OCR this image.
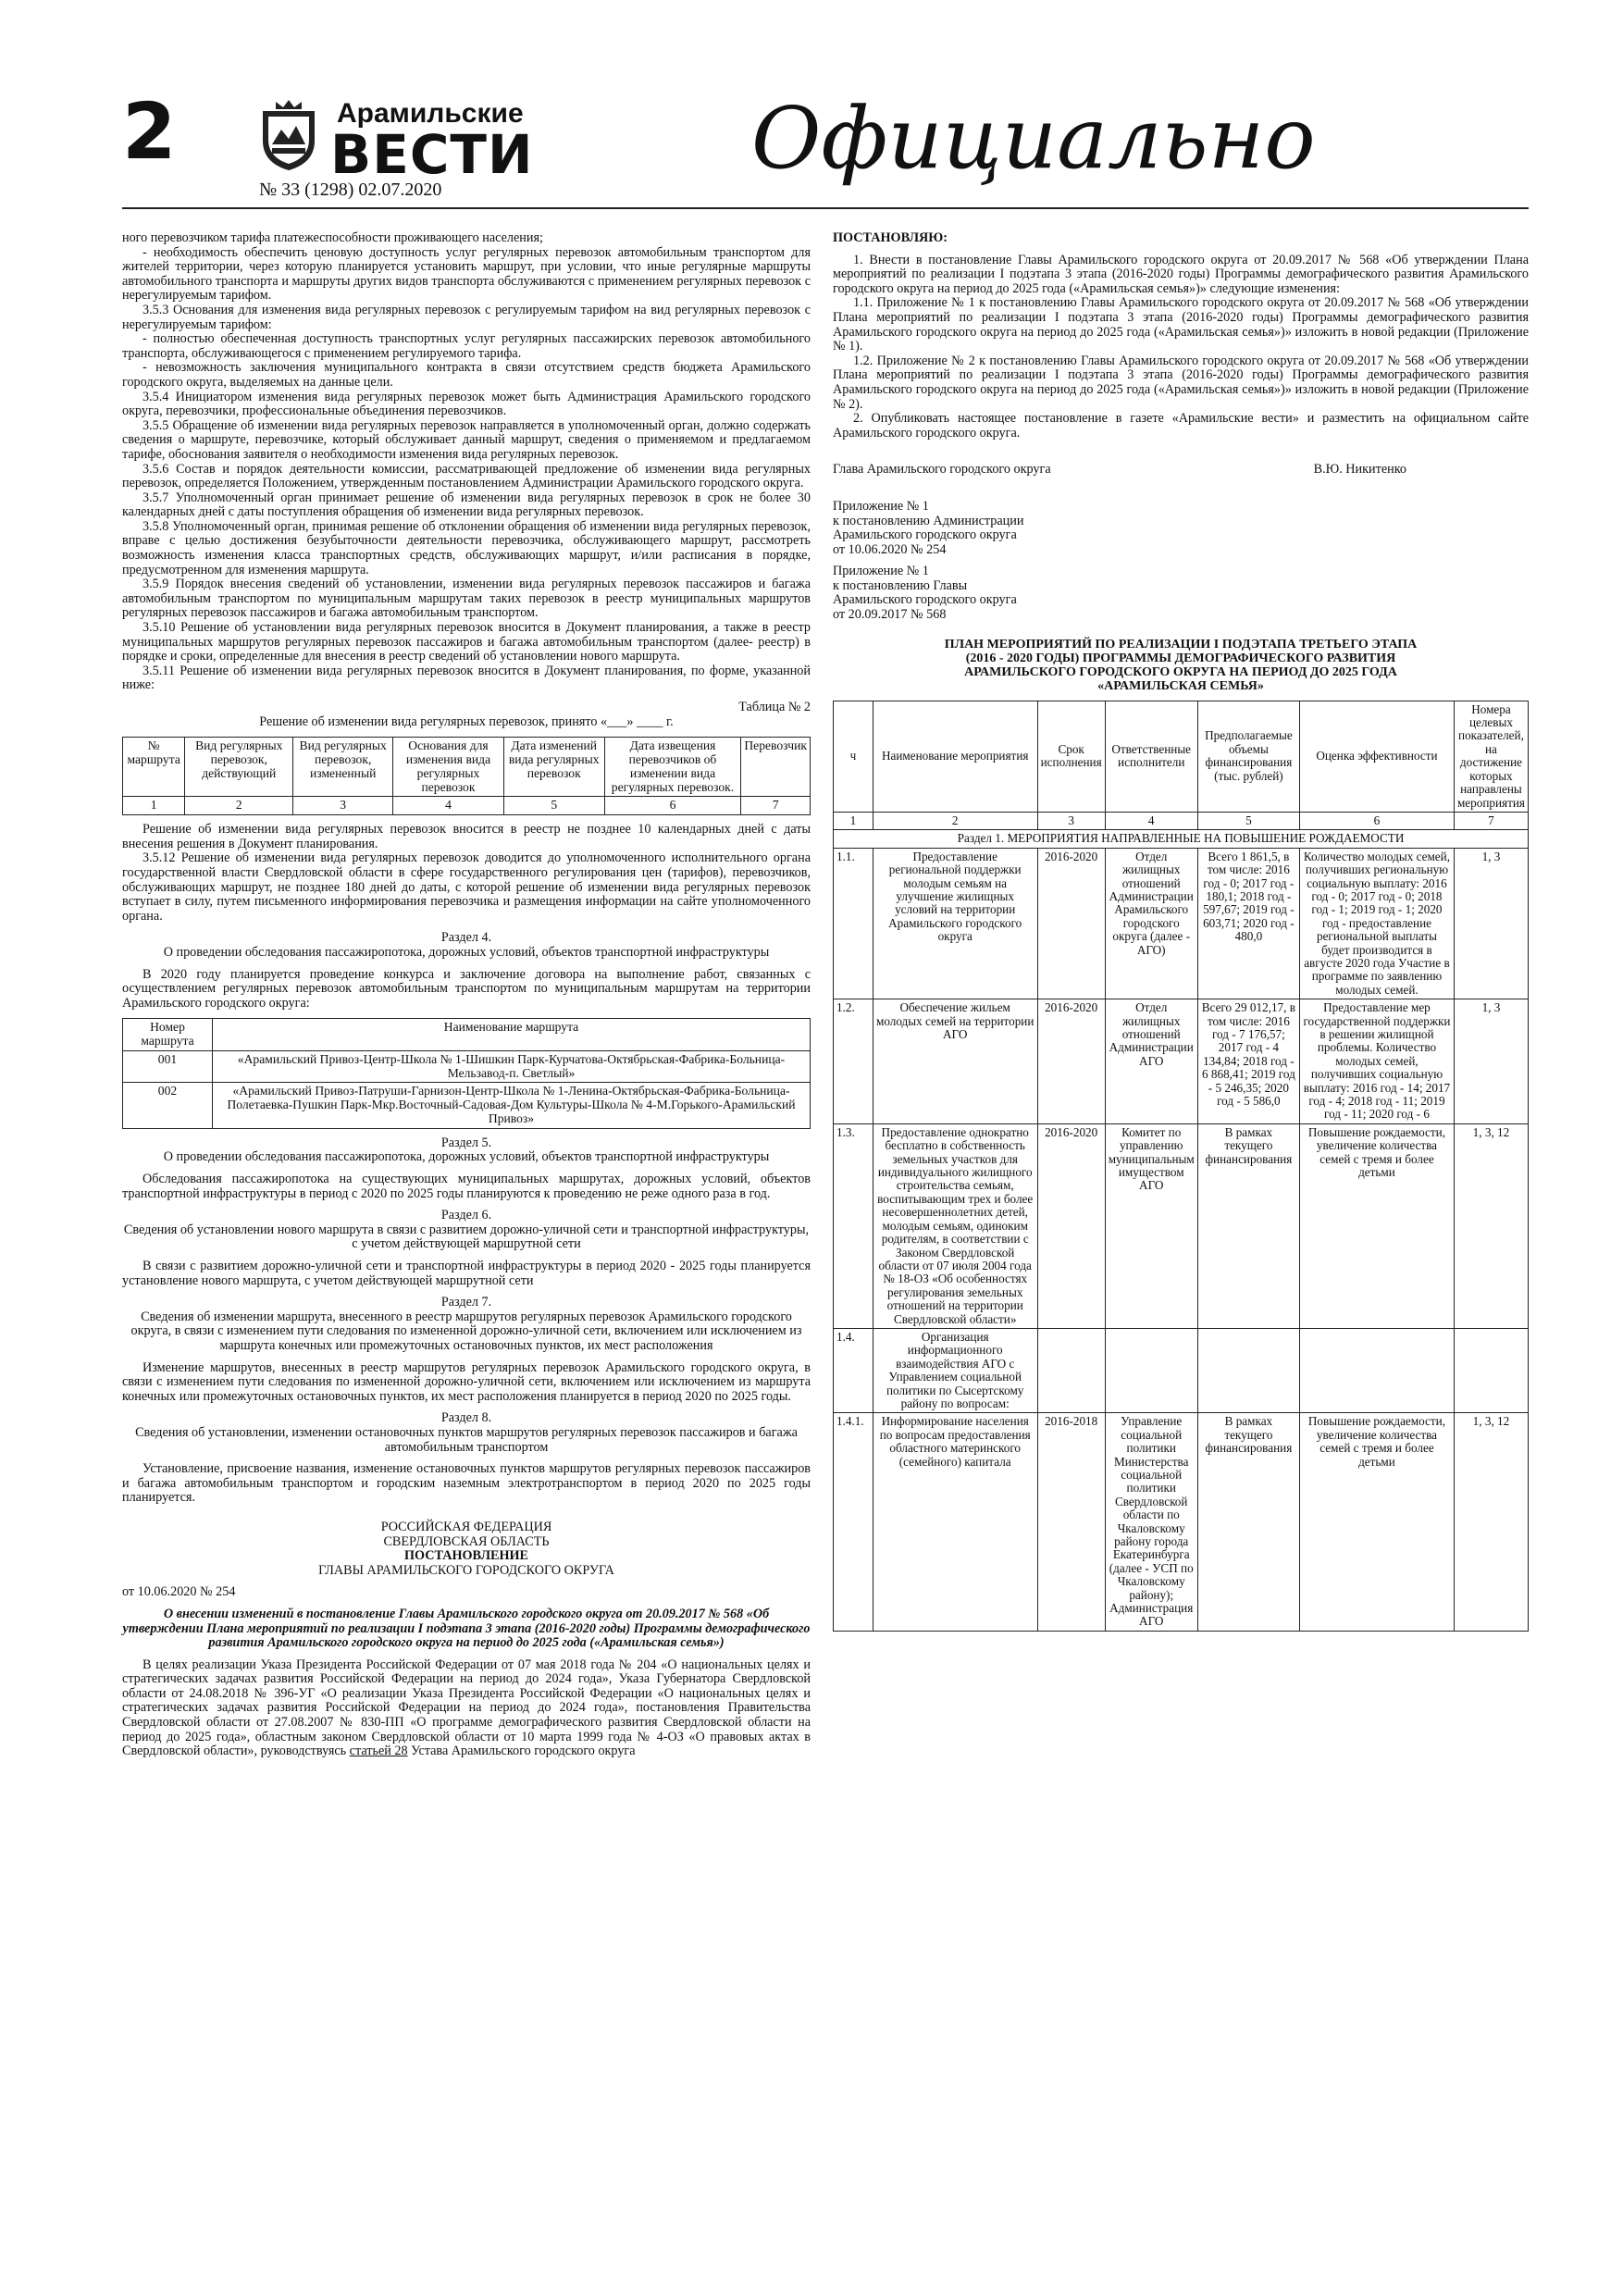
2	Арамильские
ВЕСТИ
№ 33 (1298) 02.07.2020
Официально

ного перевозчиком тарифа платежеспособности проживающего населения;

- необходимость обеспечить ценовую доступность услуг регулярных перевозок автомобильным транспортом для жителей территории, через которую планируется установить маршрут, при условии, что иные регулярные маршруты автомобильного транспорта и маршруты других видов транспорта обслуживаются с применением регулярных перевозок с нерегулируемым тарифом.

3.5.3 Основания для изменения вида регулярных перевозок с регулируемым тарифом на вид регулярных перевозок с нерегулируемым тарифом:

- полностью обеспеченная доступность транспортных услуг регулярных пассажирских перевозок автомобильного транспорта, обслуживающегося с применением регулируемого тарифа.

- невозможность заключения муниципального контракта в связи отсутствием средств бюджета Арамильского городского округа, выделяемых на данные цели.

3.5.4 Инициатором изменения вида регулярных перевозок может быть Администрация Арамильского городского округа, перевозчики, профессиональные объединения перевозчиков.

3.5.5 Обращение об изменении вида регулярных перевозок направляется в уполномоченный орган, должно содержать сведения о маршруте, перевозчике, который обслуживает данный маршрут, сведения о применяемом и предлагаемом тарифе, обоснования заявителя о необходимости изменения вида регулярных перевозок.

3.5.6 Состав и порядок деятельности комиссии, рассматривающей предложение об изменении вида регулярных перевозок, определяется Положением, утвержденным постановлением Администрации Арамильского городского округа.

3.5.7 Уполномоченный орган принимает решение об изменении вида регулярных перевозок в срок не более 30 календарных дней с даты поступления обращения об изменении вида регулярных перевозок.

3.5.8 Уполномоченный орган, принимая решение об отклонении обращения об изменении вида регулярных перевозок, вправе с целью достижения безубыточности деятельности перевозчика, обслуживающего маршрут, рассмотреть возможность изменения класса транспортных средств, обслуживающих маршрут, и/или расписания в порядке, предусмотренном для изменения маршрута.

3.5.9 Порядок внесения сведений об установлении, изменении вида регулярных перевозок пассажиров и багажа автомобильным транспортом по муниципальным маршрутам таких перевозок в реестр муниципальных маршрутов регулярных перевозок пассажиров и багажа автомобильным транспортом.

3.5.10 Решение об установлении вида регулярных перевозок вносится в Документ планирования, а также в реестр муниципальных маршрутов регулярных перевозок пассажиров и багажа автомобильным транспортом (далее- реестр) в порядке и сроки, определенные для внесения в реестр сведений об установлении нового маршрута.

3.5.11 Решение об изменении вида регулярных перевозок вносится в Документ планирования, по форме, указанной ниже:

Таблица № 2

Решение об изменении вида регулярных перевозок, принято «___» ____ г.

№ маршрута	Вид регулярных перевозок, действующий	Вид регулярных перевозок, измененный	Основания для изменения вида регулярных перевозок	Дата изменений вида регулярных перевозок	Дата извещения перевозчиков об изменении вида регулярных перевозок.	Перевозчик
1	2	3	4	5	6	7

Решение об изменении вида регулярных перевозок вносится в реестр не позднее 10 календарных дней с даты внесения решения в Документ планирования.

3.5.12 Решение об изменении вида регулярных перевозок доводится до уполномоченного исполнительного органа государственной власти Свердловской области в сфере государственного регулирования цен (тарифов), перевозчиков, обслуживающих маршрут, не позднее 180 дней до даты, с которой решение об изменении вида регулярных перевозок вступает в силу, путем письменного информирования перевозчика и размещения информации на сайте уполномоченного органа.

Раздел 4.

О проведении обследования пассажиропотока, дорожных условий, объектов транспортной инфраструктуры

В 2020 году планируется проведение конкурса и заключение договора на выполнение работ, связанных с осуществлением регулярных перевозок автомобильным транспортом по муниципальным маршрутам на территории Арамильского городского округа:

Номер маршрута	Наименование маршрута
001	«Арамильский Привоз-Центр-Школа № 1-Шишкин Парк-Курчатова-Октябрьская-Фабрика-Больница-Мельзавод-п. Светлый»
002	«Арамильский Привоз-Патруши-Гарнизон-Центр-Школа № 1-Ленина-Октябрьская-Фабрика-Больница-Полетаевка-Пушкин Парк-Мкр.Восточный-Садовая-Дом Культуры-Школа № 4-М.Горького-Арамильский Привоз»

Раздел 5.

О проведении обследования пассажиропотока, дорожных условий, объектов транспортной инфраструктуры

Обследования пассажиропотока на существующих муниципальных маршрутах, дорожных условий, объектов транспортной инфраструктуры в период с 2020 по 2025 годы планируются к проведению не реже одного раза в год.

Раздел 6.

Сведения об установлении нового маршрута в связи с развитием дорожно-уличной сети и транспортной инфраструктуры, с учетом действующей маршрутной сети

В связи с развитием дорожно-уличной сети и транспортной инфраструктуры в период 2020 - 2025 годы планируется установление нового маршрута, с учетом действующей маршрутной сети

Раздел 7.

Сведения об изменении маршрута, внесенного в реестр маршрутов регулярных перевозок Арамильского городского округа, в связи с изменением пути следования по измененной дорожно-уличной сети, включением или исключением из маршрута конечных или промежуточных остановочных пунктов, их мест расположения

Изменение маршрутов, внесенных в реестр маршрутов регулярных перевозок Арамильского городского округа, в связи с изменением пути следования по измененной дорожно-уличной сети, включением или исключением из маршрута конечных или промежуточных остановочных пунктов, их мест расположения планируется в период 2020 по 2025 годы.

Раздел 8.

Сведения об установлении, изменении остановочных пунктов маршрутов регулярных перевозок пассажиров и багажа автомобильным транспортом

Установление, присвоение названия, изменение остановочных пунктов маршрутов регулярных перевозок пассажиров и багажа автомобильным транспортом и городским наземным электротранспортом в период 2020 по 2025 годы планируется.

РОССИЙСКАЯ ФЕДЕРАЦИЯ

СВЕРДЛОВСКАЯ ОБЛАСТЬ

ПОСТАНОВЛЕНИЕ

ГЛАВЫ АРАМИЛЬСКОГО ГОРОДСКОГО ОКРУГА

от 10.06.2020 № 254

О внесении изменений в постановление Главы Арамильского городского округа от 20.09.2017 № 568 «Об утверждении Плана мероприятий по реализации I подэтапа 3 этапа (2016-2020 годы) Программы демографического развития Арамильского городского округа на период до 2025 года («Арамильская семья»)

В целях реализации Указа Президента Российской Федерации от 07 мая 2018 года № 204 «О национальных целях и стратегических задачах развития Российской Федерации на период до 2024 года», Указа Губернатора Свердловской области от 24.08.2018 № 396-УГ «О реализации Указа Президента Российской Федерации «О национальных целях и стратегических задачах развития Российской Федерации на период до 2024 года», постановления Правительства Свердловской области от 27.08.2007 № 830-ПП «О программе демографического развития Свердловской области на период до 2025 года», областным законом Свердловской области от 10 марта 1999 года № 4-ОЗ «О правовых актах в Свердловской области», руководствуясь статьей 28 Устава Арамильского городского округа

ПОСТАНОВЛЯЮ:

1. Внести в постановление Главы Арамильского городского округа от 20.09.2017 № 568 «Об утверждении Плана мероприятий по реализации I подэтапа 3 этапа (2016-2020 годы) Программы демографического развития Арамильского городского округа на период до 2025 года («Арамильская семья»)» следующие изменения:

1.1. Приложение № 1 к постановлению Главы Арамильского городского округа от 20.09.2017 № 568 «Об утверждении Плана мероприятий по реализации I подэтапа 3 этапа (2016-2020 годы) Программы демографического развития Арамильского городского округа на период до 2025 года («Арамильская семья»)» изложить в новой редакции (Приложение № 1).

1.2. Приложение № 2 к постановлению Главы Арамильского городского округа от 20.09.2017 № 568 «Об утверждении Плана мероприятий по реализации I подэтапа 3 этапа (2016-2020 годы) Программы демографического развития Арамильского городского округа на период до 2025 года («Арамильская семья»)» изложить в новой редакции (Приложение № 2).

2. Опубликовать настоящее постановление в газете «Арамильские вести» и разместить на официальном сайте Арамильского городского округа.

Глава Арамильского городского округа	В.Ю. Никитенко

Приложение № 1

к постановлению Администрации

Арамильского городского округа

от 10.06.2020 № 254

Приложение № 1

к постановлению Главы

Арамильского городского округа

от 20.09.2017 № 568

ПЛАН МЕРОПРИЯТИЙ ПО РЕАЛИЗАЦИИ I ПОДЭТАПА ТРЕТЬЕГО ЭТАПА

(2016 - 2020 ГОДЫ) ПРОГРАММЫ ДЕМОГРАФИЧЕСКОГО РАЗВИТИЯ

АРАМИЛЬСКОГО ГОРОДСКОГО ОКРУГА НА ПЕРИОД ДО 2025 ГОДА

«АРАМИЛЬСКАЯ СЕМЬЯ»

ч	Наименование мероприятия	Срок исполнения	Ответственные исполнители	Предполагаемые объемы финансирования (тыс. рублей)	Оценка эффективности	Номера целевых показателей, на достижение которых направлены мероприятия
1	2	3	4	5	6	7
Раздел 1. МЕРОПРИЯТИЯ НАПРАВЛЕННЫЕ НА ПОВЫШЕНИЕ РОЖДАЕМОСТИ						
1.1.	Предоставление региональной поддержки молодым семьям на улучшение жилищных условий на территории Арамильского городского округа	2016-2020	Отдел жилищных отношений Администрации Арамильского городского округа (далее - АГО)	Всего 1 861,5, в том числе: 2016 год - 0; 2017 год - 180,1; 2018 год - 597,67; 2019 год - 603,71; 2020 год - 480,0	Количество молодых семей, получивших региональную социальную выплату: 2016 год - 0; 2017 год - 0; 2018 год - 1; 2019 год - 1; 2020 год - предоставление региональной выплаты будет производится в августе 2020 года Участие в программе по заявлению молодых семей.	1, 3
1.2.	Обеспечение жильем молодых семей на территории АГО	2016-2020	Отдел жилищных отношений Администрации АГО	Всего 29 012,17, в том числе: 2016 год - 7 176,57; 2017 год - 4 134,84; 2018 год - 6 868,41; 2019 год - 5 246,35; 2020 год - 5 586,0	Предоставление мер государственной поддержки в решении жилищной проблемы. Количество молодых семей, получивших социальную выплату: 2016 год - 14; 2017 год - 4; 2018 год - 11; 2019 год - 11; 2020 год - 6	1, 3
1.3.	Предоставление однократно бесплатно в собственность земельных участков для индивидуального жилищного строительства семьям, воспитывающим трех и более несовершеннолетних детей, молодым семьям, одиноким родителям, в соответствии с Законом Свердловской области от 07 июля 2004 года № 18-ОЗ «Об особенностях регулирования земельных отношений на территории Свердловской области»	2016-2020	Комитет по управлению муниципальным имуществом АГО	В рамках текущего финансирования	Повышение рождаемости, увеличение количества семей с тремя и более детьми	1, 3, 12
1.4.	Организация информационного взаимодействия АГО с Управлением социальной политики по Сысертскому району по вопросам:					
1.4.1.	Информирование населения по вопросам предоставления областного материнского (семейного) капитала	2016-2018	Управление социальной политики Министерства социальной политики Свердловской области по Чкаловскому району города Екатеринбурга (далее - УСП по Чкаловскому району); Администрация АГО	В рамках текущего финансирования	Повышение рождаемости, увеличение количества семей с тремя и более детьми	1, 3, 12
